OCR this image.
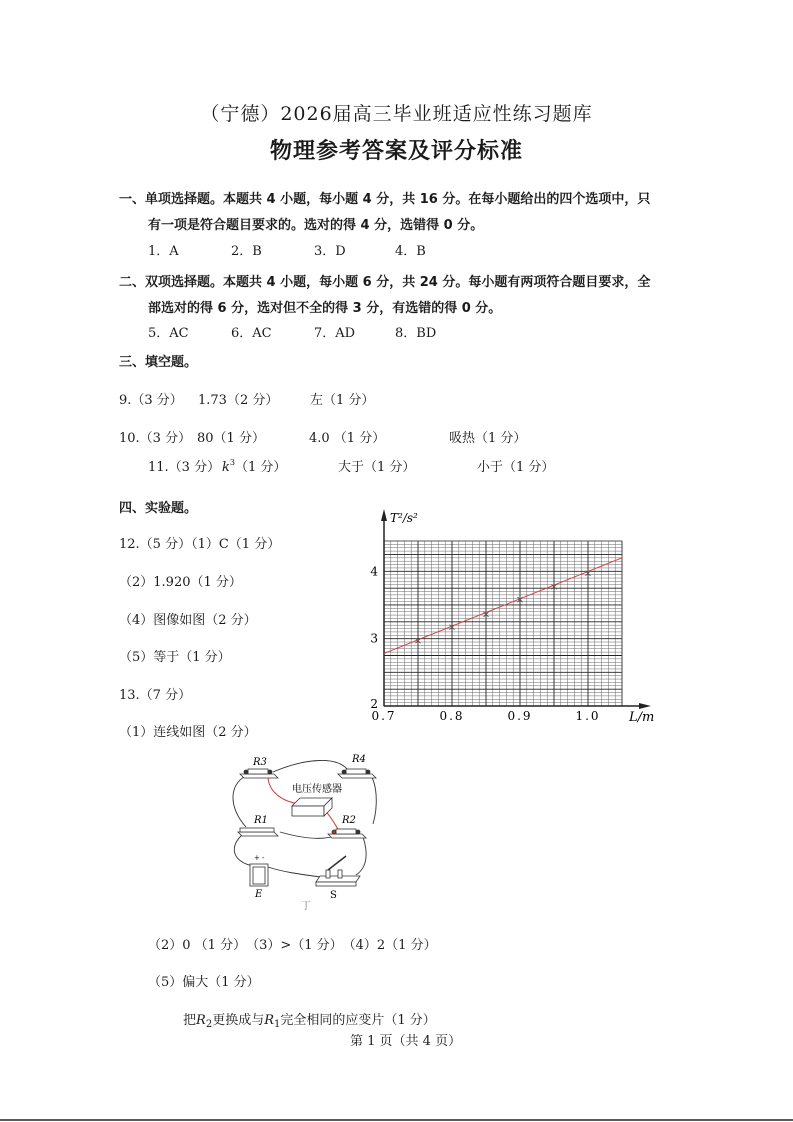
（宁德）2026届高三毕业班适应性练习题库
物理参考答案及评分标准
一、单项选择题。本题共 4 小题，每小题 4 分，共 16 分。在每小题给出的四个选项中，只
有一项是符合题目要求的。选对的得 4 分，选错得 0 分。
1．A	2．B	3．D	4．B
二、双项选择题。本题共 4 小题，每小题 6 分，共 24 分。每小题有两项符合题目要求，全
部选对的得 6 分，选对但不全的得 3 分，有选错的得 0 分。
5．AC	6．AC	7．AD	8．BD
三、填空题。
9.（3 分） 1.73（2 分） 左（1 分）
10.（3 分） 80（1 分）	4.0 （1 分）	吸热（1 分）
11.（3 分） $k^3(1$ 分）	大于（1 分）	小于（1 分）
四、实验题。
12.（5 分）（1）C（1 分）
（2）1.920（1 分）
（4）图像如图（2 分）
（5）等于（1 分）
13.（7 分）
（1）连线如图（2 分）
0.7	0.8	0.9	1.0
2
3
4
T²/s²
L/m
R3	R4
电压传感器
R1	R2
+ -
E	S
丁
（2）0 （1 分）　（3）>（1 分）　（4）2（1 分）
（5）偏大（1 分）
把$R_2$更换成与$R_1$完全相同的应变片（1 分）
第 1 页（共 4 页）
